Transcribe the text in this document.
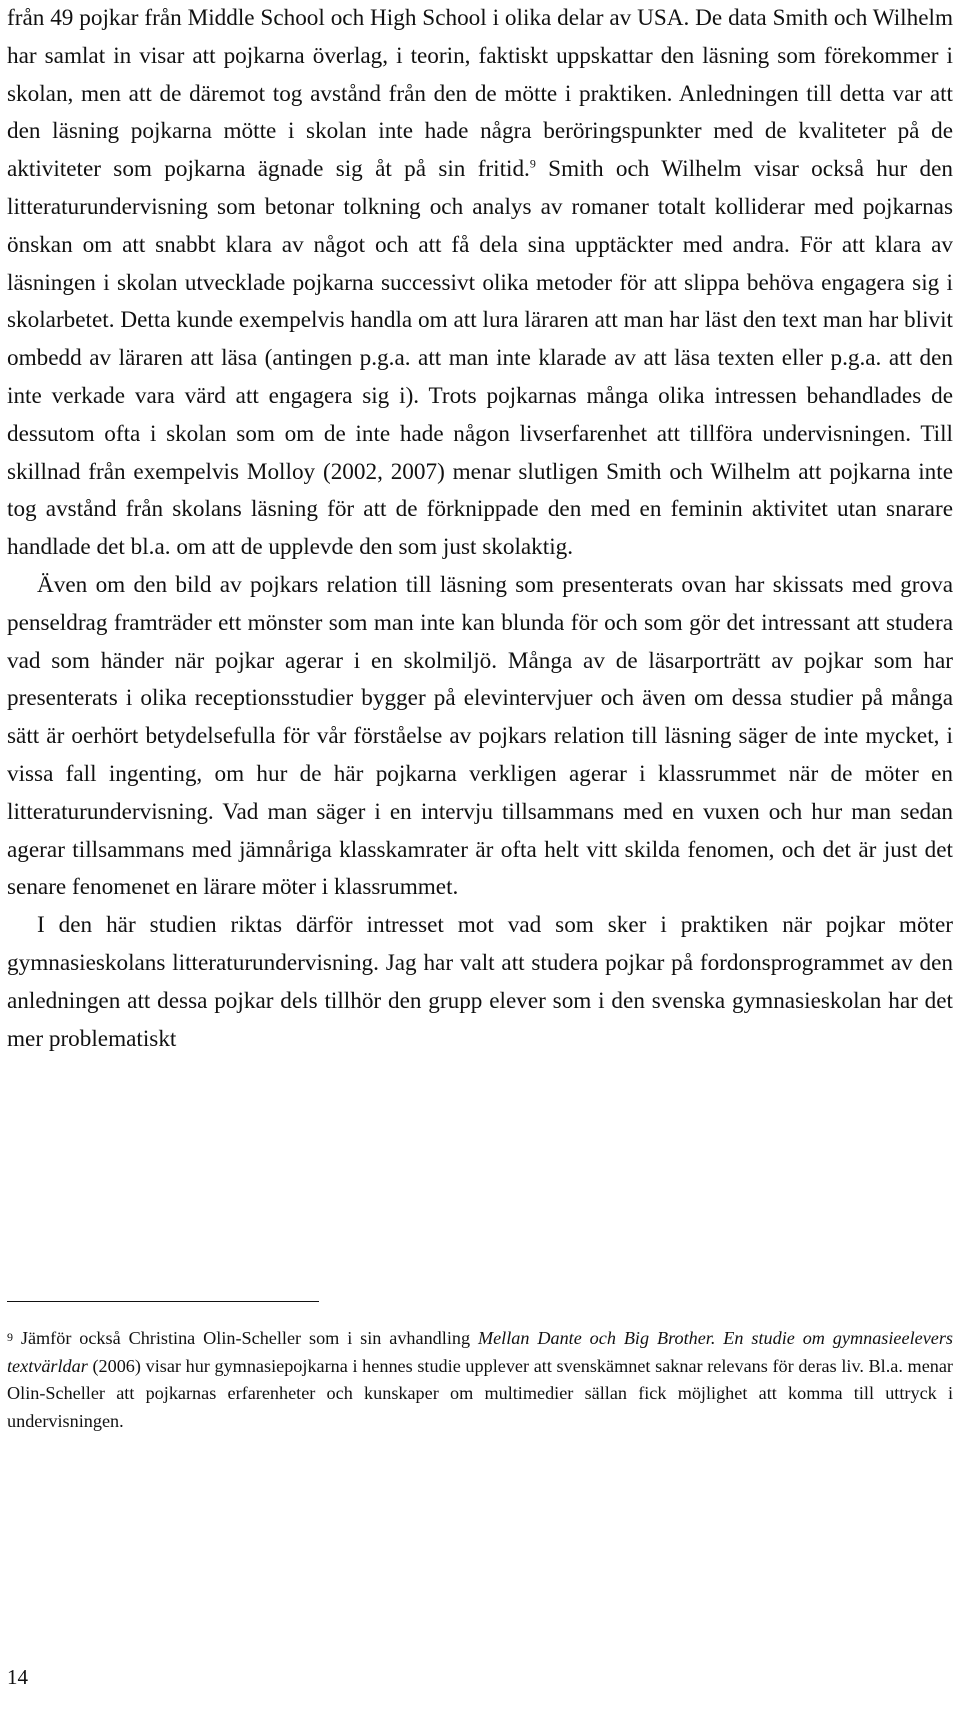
från 49 pojkar från Middle School och High School i olika delar av USA. De data Smith och Wilhelm har samlat in visar att pojkarna överlag, i teorin, faktiskt uppskattar den läsning som förekommer i skolan, men att de däremot tog avstånd från den de mötte i praktiken. Anledningen till detta var att den läsning pojkarna mötte i skolan inte hade några beröringspunkter med de kvaliteter på de aktiviteter som pojkarna ägnade sig åt på sin fritid.$^9$ Smith och Wilhelm visar också hur den litteraturundervisning som betonar tolkning och analys av romaner totalt kolliderar med pojkarnas önskan om att snabbt klara av något och att få dela sina upptäckter med andra. För att klara av läsningen i skolan utvecklade pojkarna successivt olika metoder för att slippa behöva engagera sig i skolarbetet. Detta kunde exempelvis handla om att lura läraren att man har läst den text man har blivit ombedd av läraren att läsa (antingen p.g.a. att man inte klarade av att läsa texten eller p.g.a. att den inte verkade vara värd att engagera sig i). Trots pojkarnas många olika intressen behandlades de dessutom ofta i skolan som om de inte hade någon livserfarenhet att tillföra undervisningen. Till skillnad från exempelvis Molloy (2002, 2007) menar slutligen Smith och Wilhelm att pojkarna inte tog avstånd från skolans läsning för att de förknippade den med en feminin aktivitet utan snarare handlade det bl.a. om att de upplevde den som just skolaktig.

Även om den bild av pojkars relation till läsning som presenterats ovan har skissats med grova penseldrag framträder ett mönster som man inte kan blunda för och som gör det intressant att studera vad som händer när pojkar agerar i en skolmiljö. Många av de läsarporträtt av pojkar som har presenterats i olika receptionsstudier bygger på elevintervjuer och även om dessa studier på många sätt är oerhört betydelsefulla för vår förståelse av pojkars relation till läsning säger de inte mycket, i vissa fall ingenting, om hur de här pojkarna verkligen agerar i klassrummet när de möter en litteraturundervisning. Vad man säger i en intervju tillsammans med en vuxen och hur man sedan agerar tillsammans med jämnåriga klasskamrater är ofta helt vitt skilda fenomen, och det är just det senare fenomenet en lärare möter i klassrummet.

I den här studien riktas därför intresset mot vad som sker i praktiken när pojkar möter gymnasieskolans litteraturundervisning. Jag har valt att studera pojkar på fordonsprogrammet av den anledningen att dessa pojkar dels tillhör den grupp elever som i den svenska gymnasieskolan har det mer problematiskt

$^9$ Jämför också Christina Olin-Scheller som i sin avhandling Mellan Dante och Big Brother. En studie om gymnasieelevers textvärldar (2006) visar hur gymnasiepojkarna i hennes studie upplever att svenskämnet saknar relevans för deras liv. Bl.a. menar Olin-Scheller att pojkarnas erfarenheter och kunskaper om multimedier sällan fick möjlighet att komma till uttryck i undervisningen.

14
